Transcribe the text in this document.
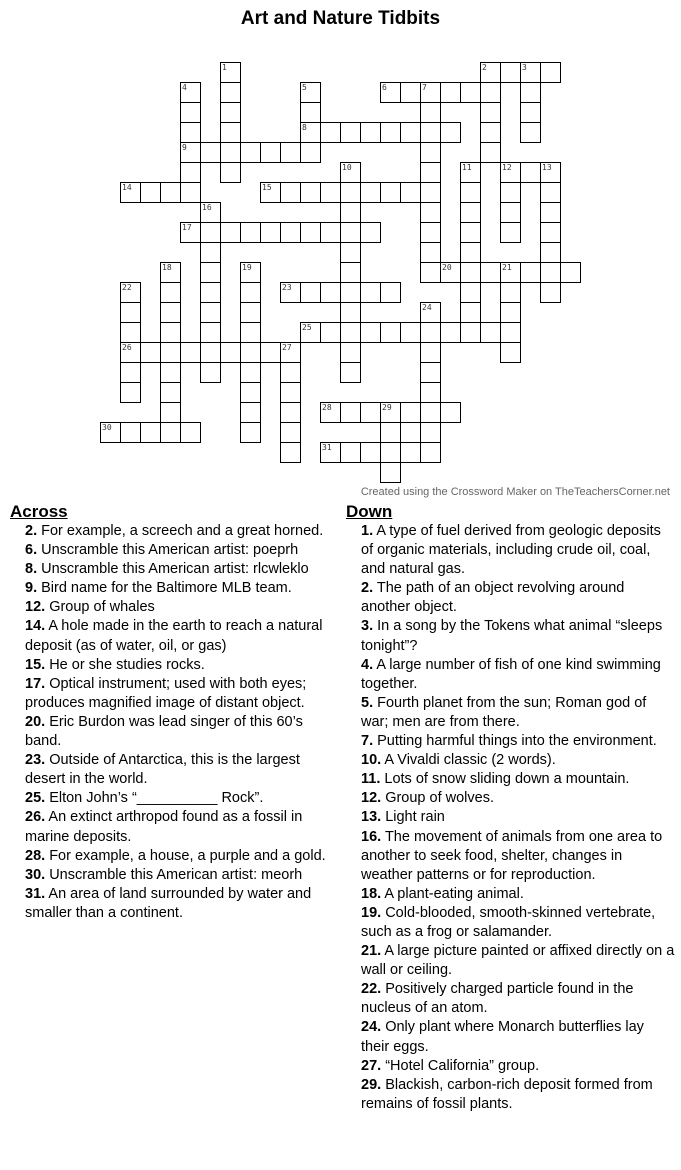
Art and Nature Tidbits
1	2	3
4
9
5
8
6	7
10	11	12	13
14	15
16
17
18	19	20	21
22
26
23
24
25
27
28	29
30
31
Created using the Crossword Maker on TheTeachersCorner.net
Across

2. For example, a screech and a great horned.

6. Unscramble this American artist: poeprh

8. Unscramble this American artist: rlcwleklo

9. Bird name for the Baltimore MLB team.

12. Group of whales

14. A hole made in the earth to reach a natural deposit (as of water, oil, or gas)

15. He or she studies rocks.

17. Optical instrument; used with both eyes; produces magnified image of distant object.

20. Eric Burdon was lead singer of this 60’s band.

23. Outside of Antarctica, this is the largest desert in the world.

25. Elton John’s “__________ Rock”.

26. An extinct arthropod found as a fossil in marine deposits.

28. For example, a house, a purple and a gold.

30. Unscramble this American artist: meorh

31. An area of land surrounded by water and smaller than a continent.

Down

1. A type of fuel derived from geologic deposits of organic materials, including crude oil, coal, and natural gas.

2. The path of an object revolving around another object.

3. In a song by the Tokens what animal “sleeps tonight”?

4. A large number of fish of one kind swimming together.

5. Fourth planet from the sun; Roman god of war; men are from there.

7. Putting harmful things into the environment.

10. A Vivaldi classic (2 words).

11. Lots of snow sliding down a mountain.

12. Group of wolves.

13. Light rain

16. The movement of animals from one area to another to seek food, shelter, changes in weather patterns or for reproduction.

18. A plant-eating animal.

19. Cold-blooded, smooth-skinned vertebrate, such as a frog or salamander.

21. A large picture painted or affixed directly on a wall or ceiling.

22. Positively charged particle found in the nucleus of an atom.

24. Only plant where Monarch butterflies lay their eggs.

27. “Hotel California” group.

29. Blackish, carbon-rich deposit formed from remains of fossil plants.
